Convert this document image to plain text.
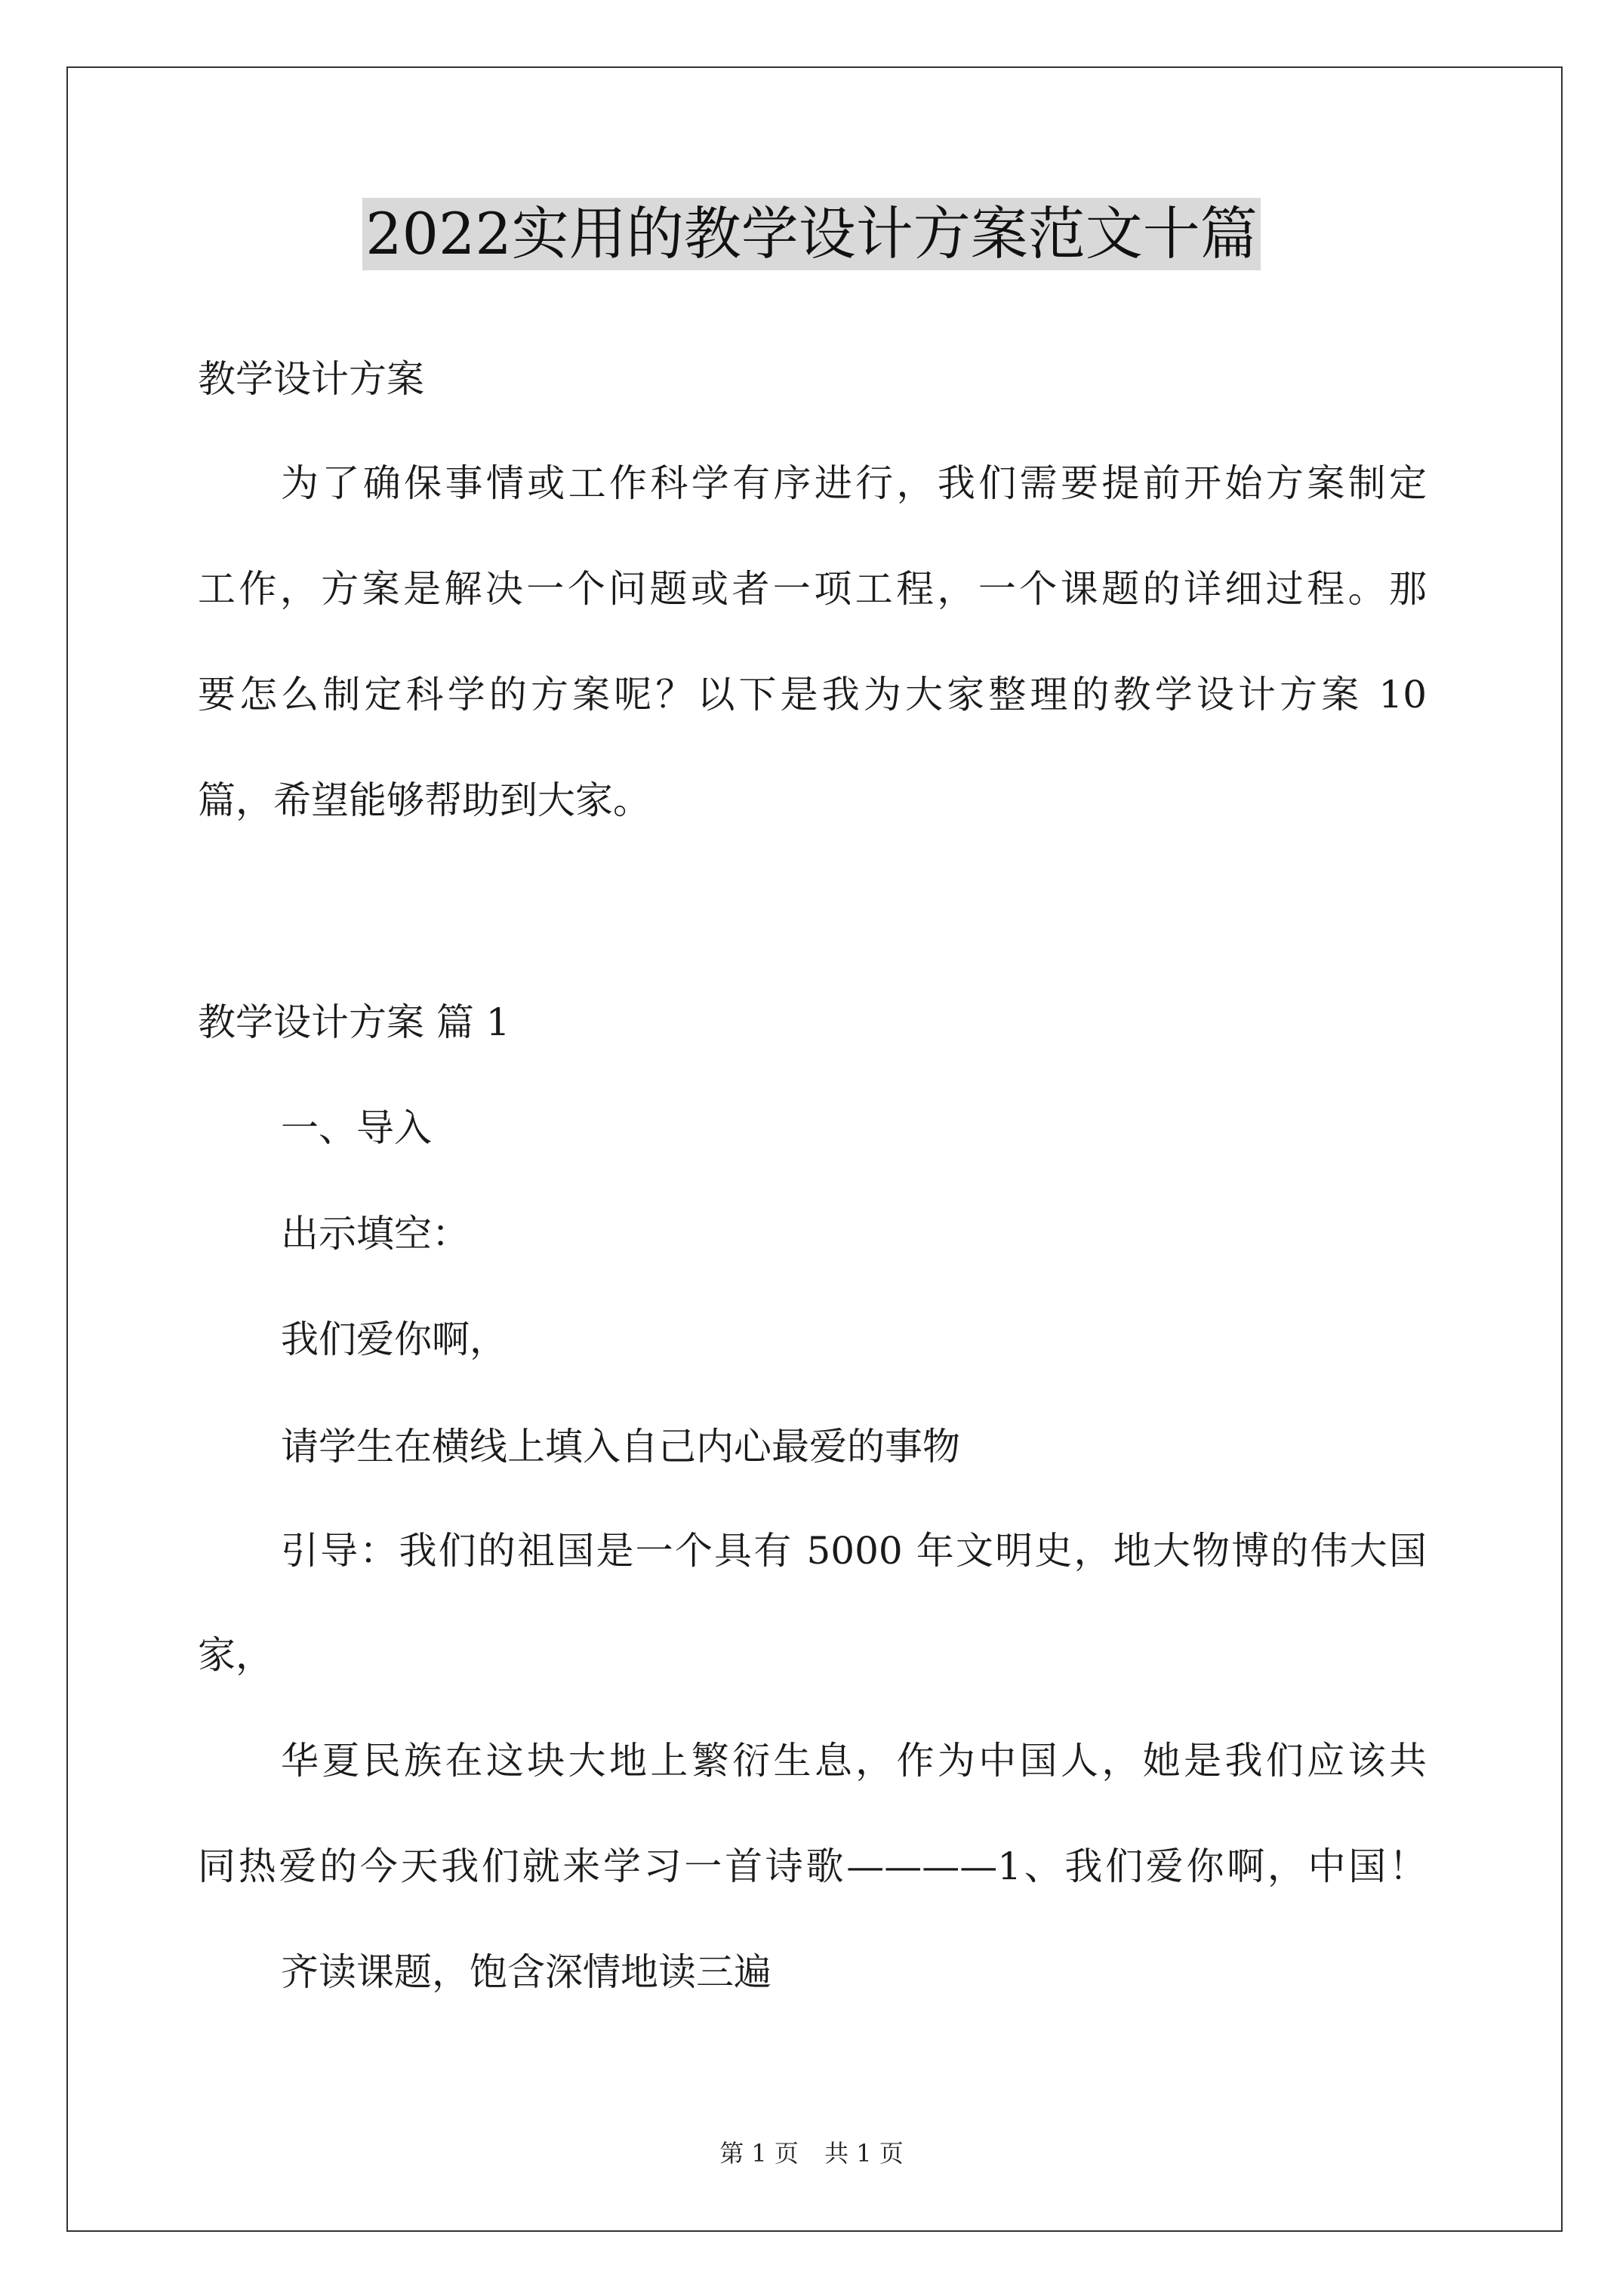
2022实用的教学设计方案范文十篇
教学设计方案
为了确保事情或工作科学有序进行，我们需要提前开始方案制定
工作，方案是解决一个问题或者一项工程，一个课题的详细过程。那
要怎么制定科学的方案呢？以下是我为大家整理的教学设计方案 10
篇，希望能够帮助到大家。
教学设计方案 篇 1
一、导入
出示填空：
我们爱你啊，
请学生在横线上填入自己内心最爱的事物
引导：我们的祖国是一个具有 5000 年文明史，地大物博的伟大国
家，
华夏民族在这块大地上繁衍生息，作为中国人，她是我们应该共
同热爱的今天我们就来学习一首诗歌————1、我们爱你啊，中国！
齐读课题，饱含深情地读三遍
第 1 页 共 1 页
